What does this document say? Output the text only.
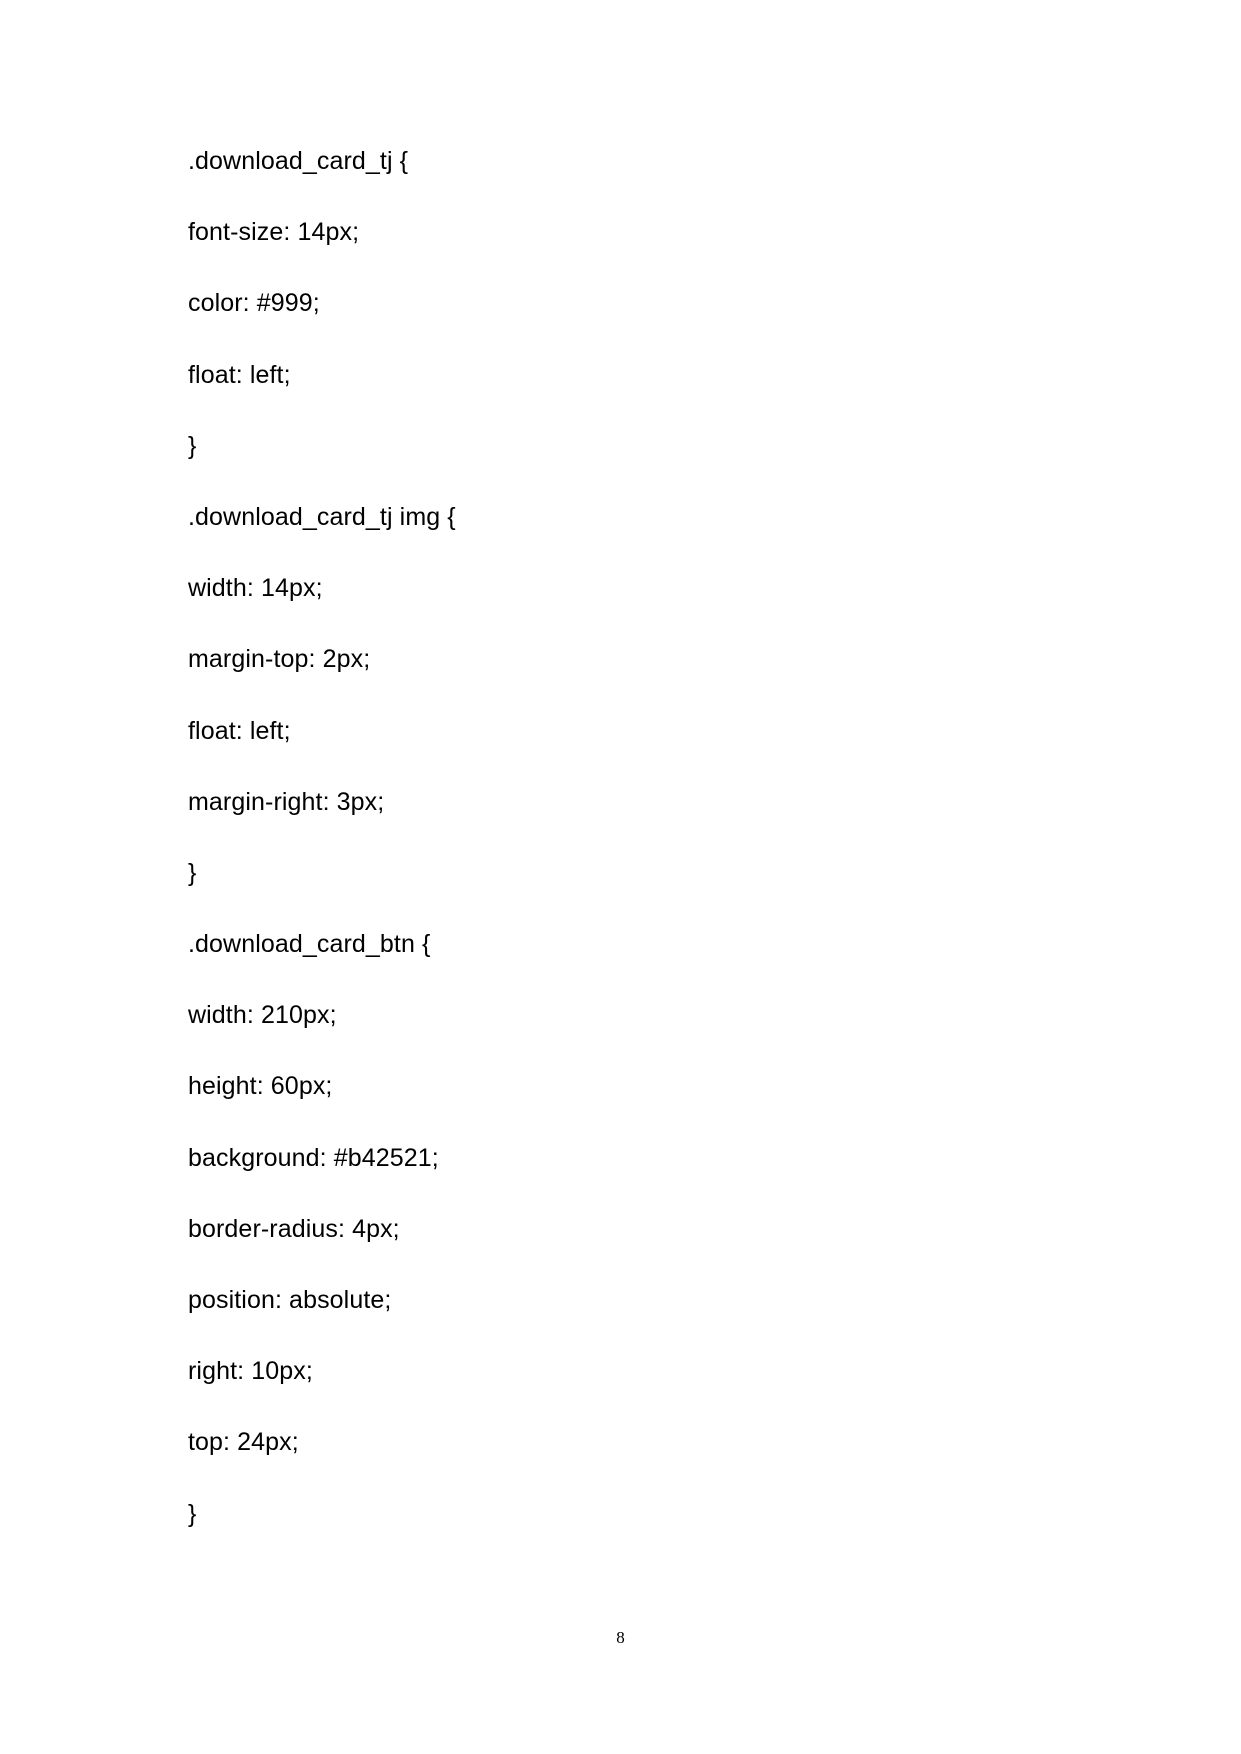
.download_card_tj {
font-size: 14px;
color: #999;
float: left;
}
.download_card_tj img {
width: 14px;
margin-top: 2px;
float: left;
margin-right: 3px;
}
.download_card_btn {
width: 210px;
height: 60px;
background: #b42521;
border-radius: 4px;
position: absolute;
right: 10px;
top: 24px;
}
8
